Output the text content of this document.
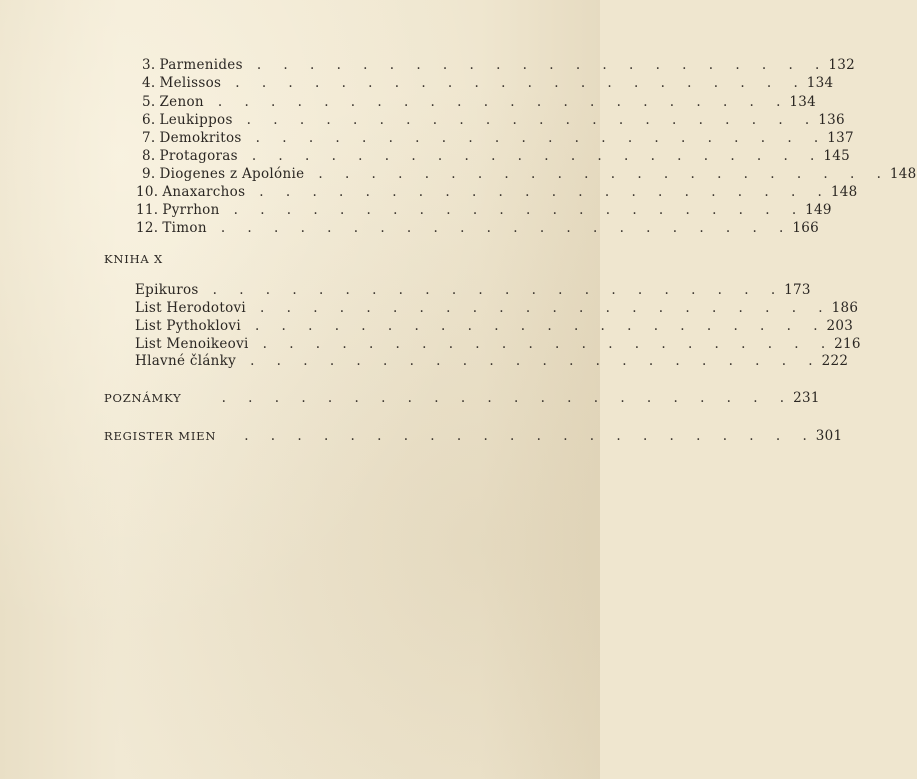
3. Parmenides . . . . . . . . . . . . . . . . . . . . . . 132
4. Melissos . . . . . . . . . . . . . . . . . . . . . . 134
5. Zenon . . . . . . . . . . . . . . . . . . . . . . 134
6. Leukippos . . . . . . . . . . . . . . . . . . . . . . 136
7. Demokritos . . . . . . . . . . . . . . . . . . . . . . 137
8. Protagoras . . . . . . . . . . . . . . . . . . . . . . 145
9. Diogenes z Apolónie . . . . . . . . . . . . . . . . . . . . . . 148
10. Anaxarchos . . . . . . . . . . . . . . . . . . . . . . 148
11. Pyrrhon . . . . . . . . . . . . . . . . . . . . . . 149
12. Timon . . . . . . . . . . . . . . . . . . . . . . 166
KNIHA X
Epikuros . . . . . . . . . . . . . . . . . . . . . . 173
List Herodotovi . . . . . . . . . . . . . . . . . . . . . . 186
List Pythoklovi . . . . . . . . . . . . . . . . . . . . . . 203
List Menoikeovi . . . . . . . . . . . . . . . . . . . . . . 216
Hlavné články . . . . . . . . . . . . . . . . . . . . . . 222
POZNÁMKY	. . . . . . . . . . . . . . . . . . . . . . 231
REGISTER MIEN . . . . . . . . . . . . . . . . . . . . . . 301
